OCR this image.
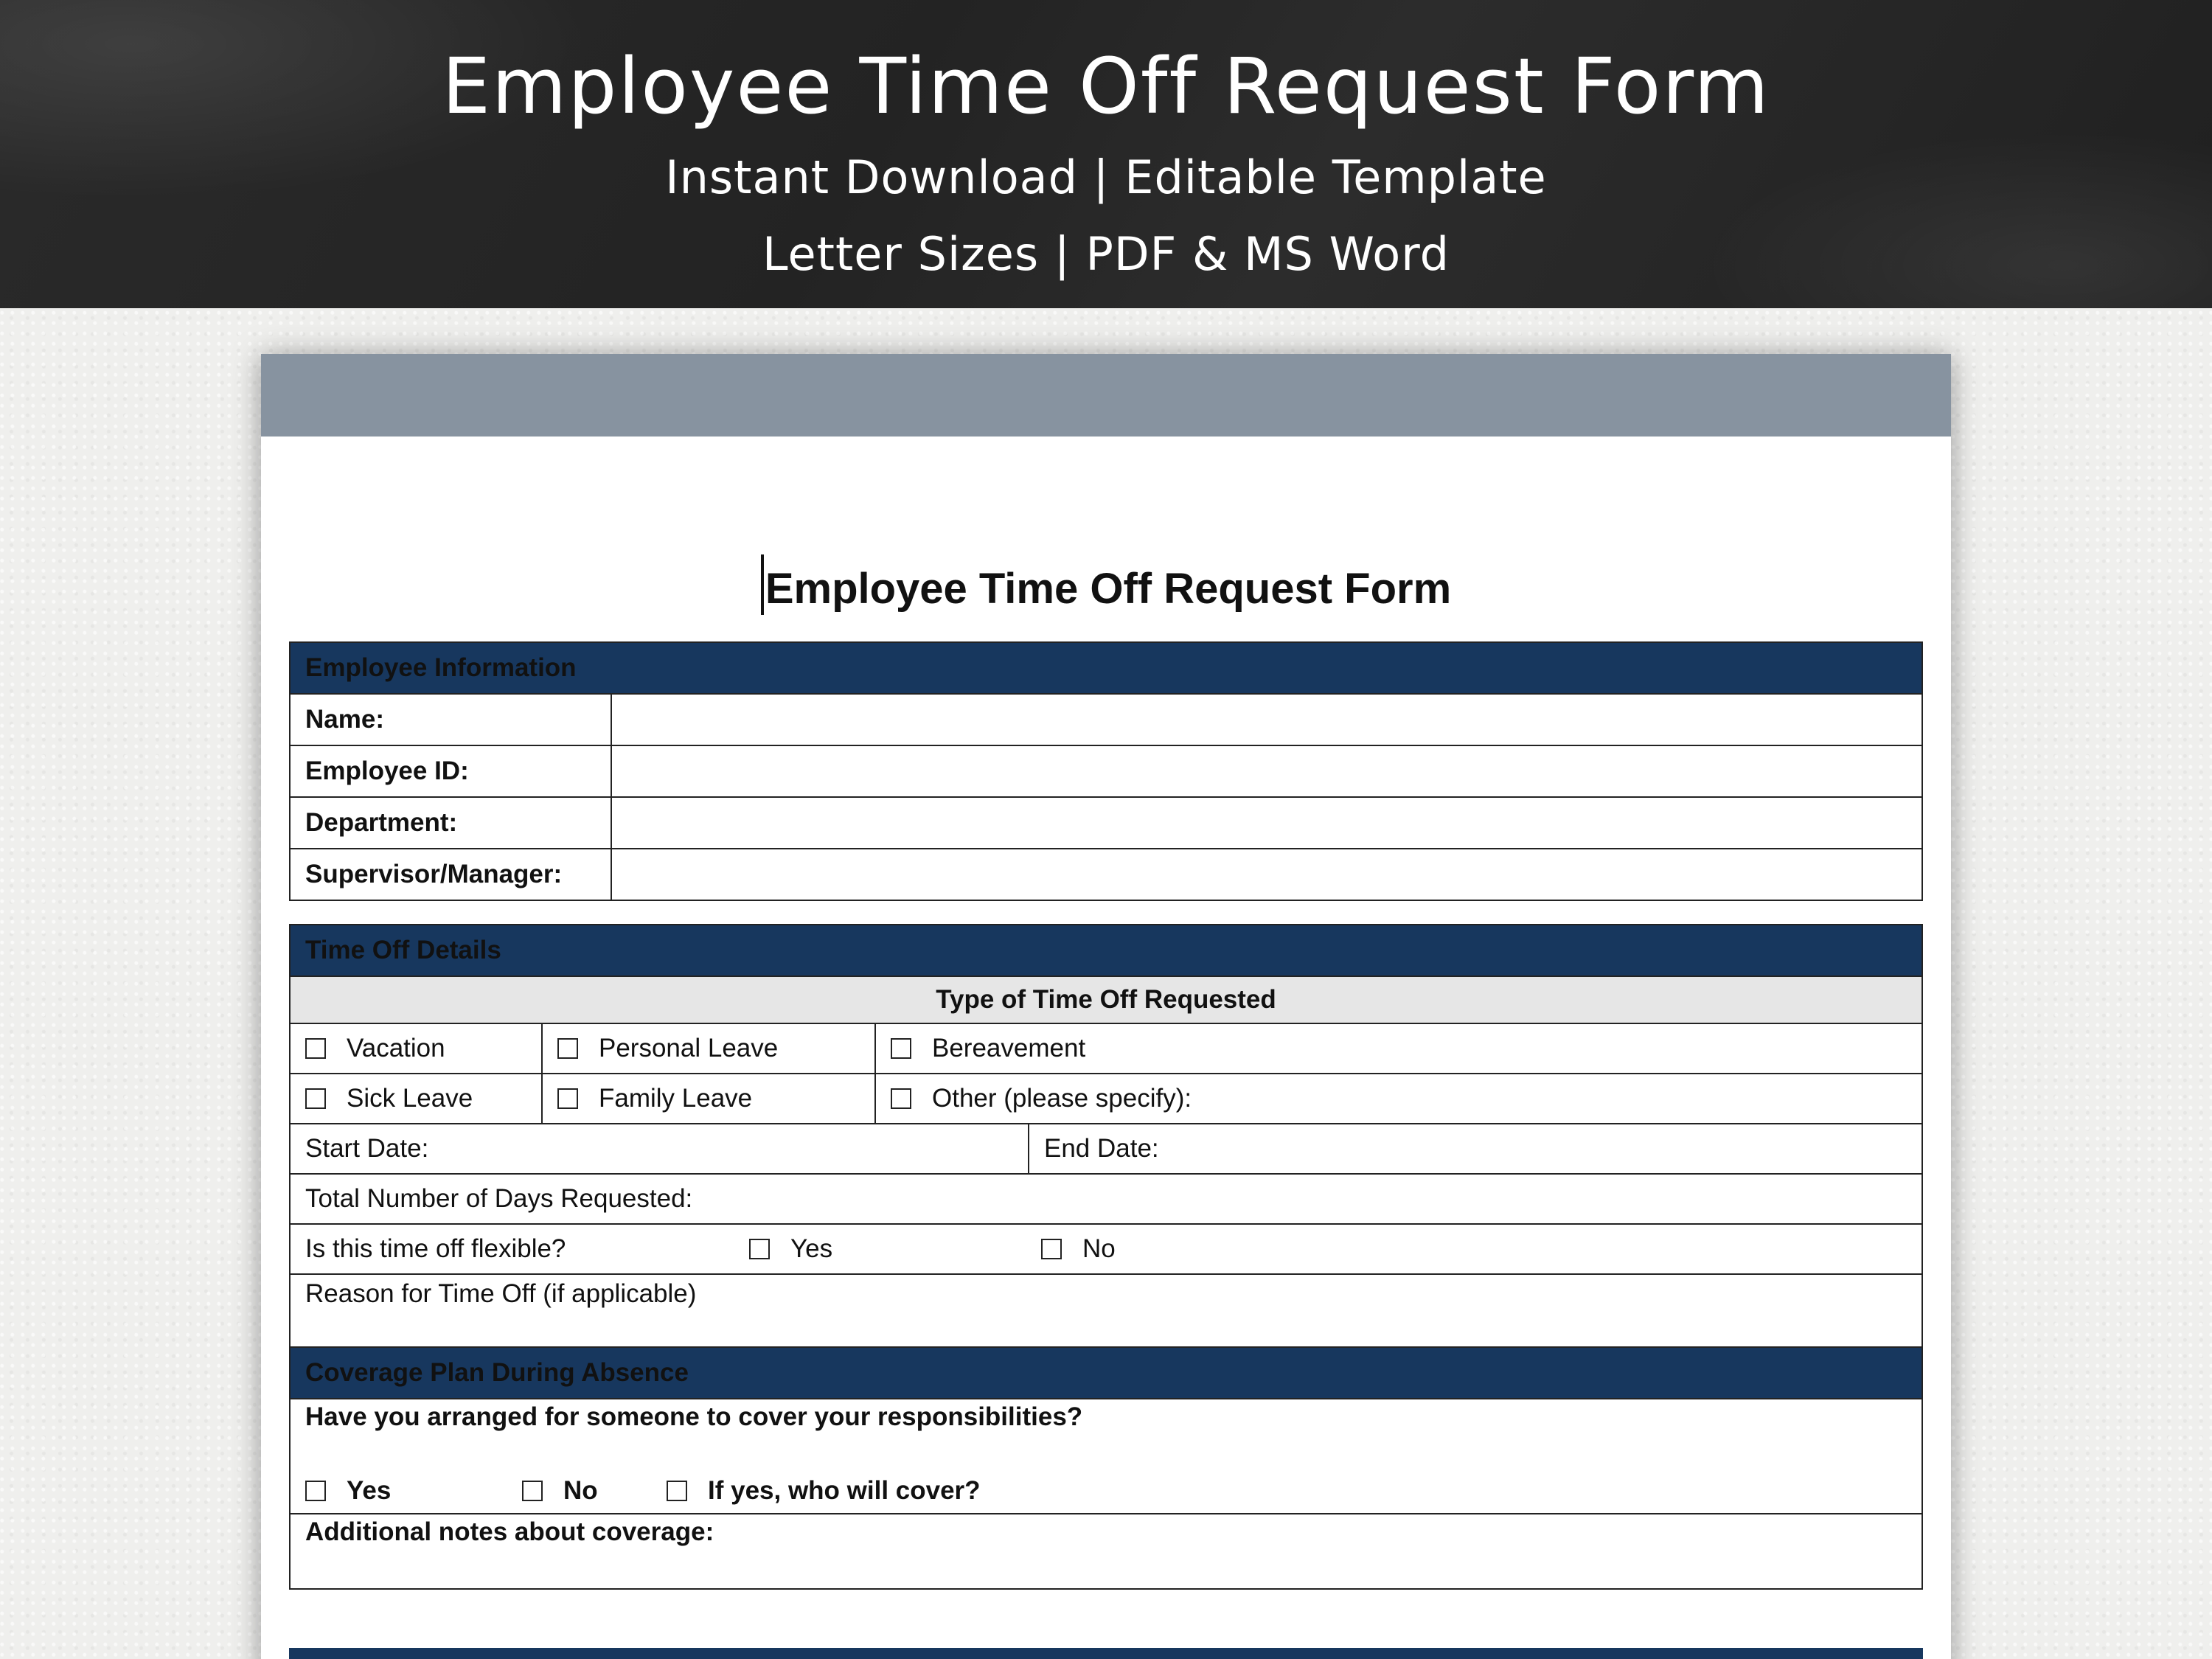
Employee Time Off Request Form
Instant Download | Editable Template
Letter Sizes | PDF & MS Word
Employee Time Off Request Form
Employee Information	
Name:	
Employee ID:	
Department:	
Supervisor/Manager:	
Time Off Details			
Type of Time Off Requested			
Vacation	Personal Leave	Bereavement	
Sick Leave	Family Leave	Other (please specify):	
Start Date:			End Date:
Total Number of Days Requested:			
Is this time off flexible? Yes No			
Reason for Time Off (if applicable)			
Coverage Plan During Absence

Have you arranged for someone to cover your responsibilities?
Yes	No	If yes, who will cover?

Additional notes about coverage:
